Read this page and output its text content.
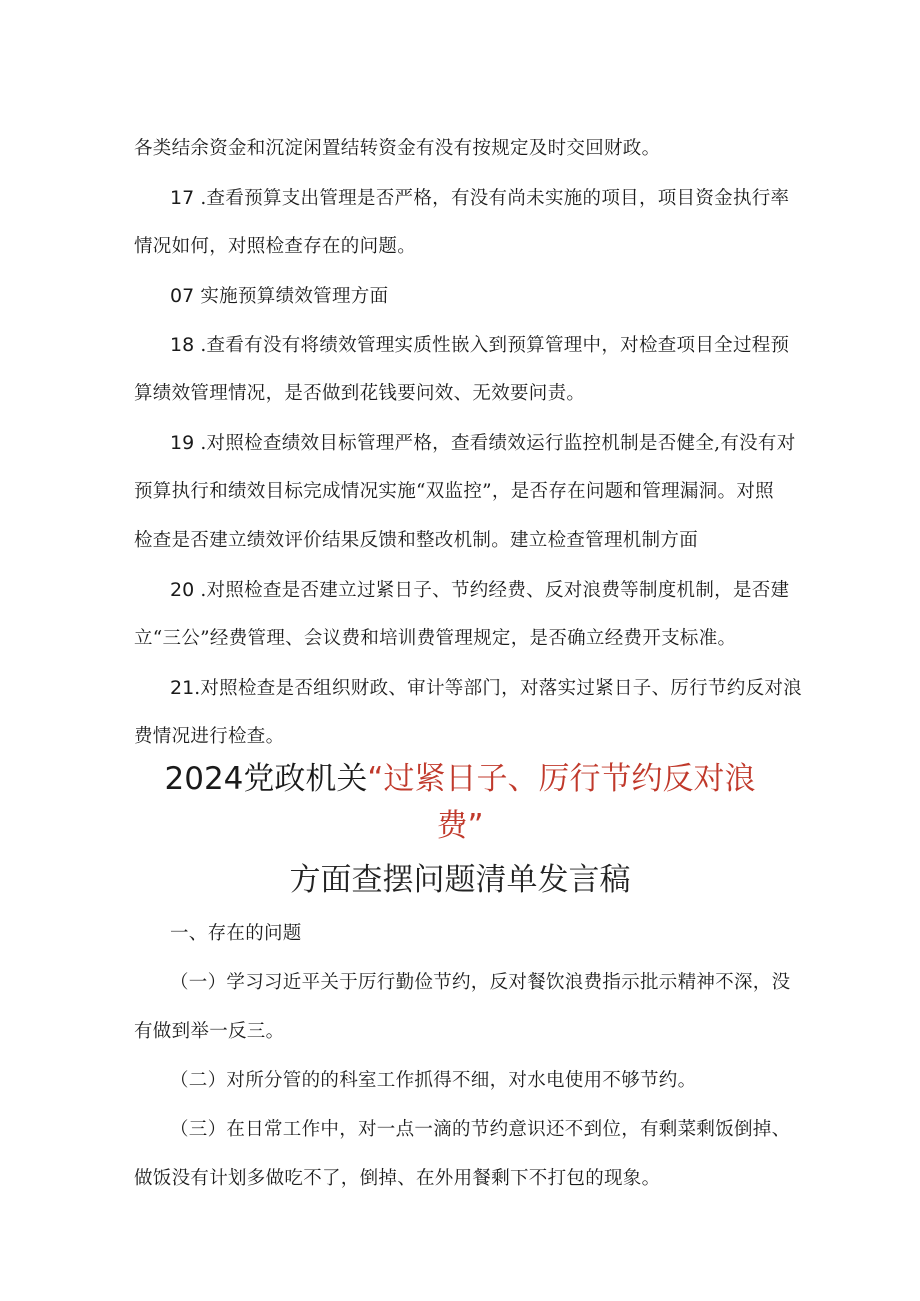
各类结余资金和沉淀闲置结转资金有没有按规定及时交回财政。
17 .查看预算支出管理是否严格，有没有尚未实施的项目，项目资金执行率
情况如何，对照检查存在的问题。
07 实施预算绩效管理方面
18 .查看有没有将绩效管理实质性嵌入到预算管理中，对检查项目全过程预
算绩效管理情况，是否做到花钱要问效、无效要问责。
19 .对照检查绩效目标管理严格，查看绩效运行监控机制是否健全,有没有对
预算执行和绩效目标完成情况实施“双监控”，是否存在问题和管理漏洞。对照
检查是否建立绩效评价结果反馈和整改机制。建立检查管理机制方面
20 .对照检查是否建立过紧日子、节约经费、反对浪费等制度机制，是否建
立“三公”经费管理、会议费和培训费管理规定，是否确立经费开支标准。
21.对照检查是否组织财政、审计等部门，对落实过紧日子、厉行节约反对浪
费情况进行检查。
2024党政机关“过紧日子、厉行节约反对浪
费”
方面查摆问题清单发言稿
一、存在的问题
（一）学习习近平关于厉行勤俭节约，反对餐饮浪费指示批示精神不深，没
有做到举一反三。
（二）对所分管的的科室工作抓得不细，对水电使用不够节约。
（三）在日常工作中，对一点一滴的节约意识还不到位，有剩菜剩饭倒掉、
做饭没有计划多做吃不了，倒掉、在外用餐剩下不打包的现象。
